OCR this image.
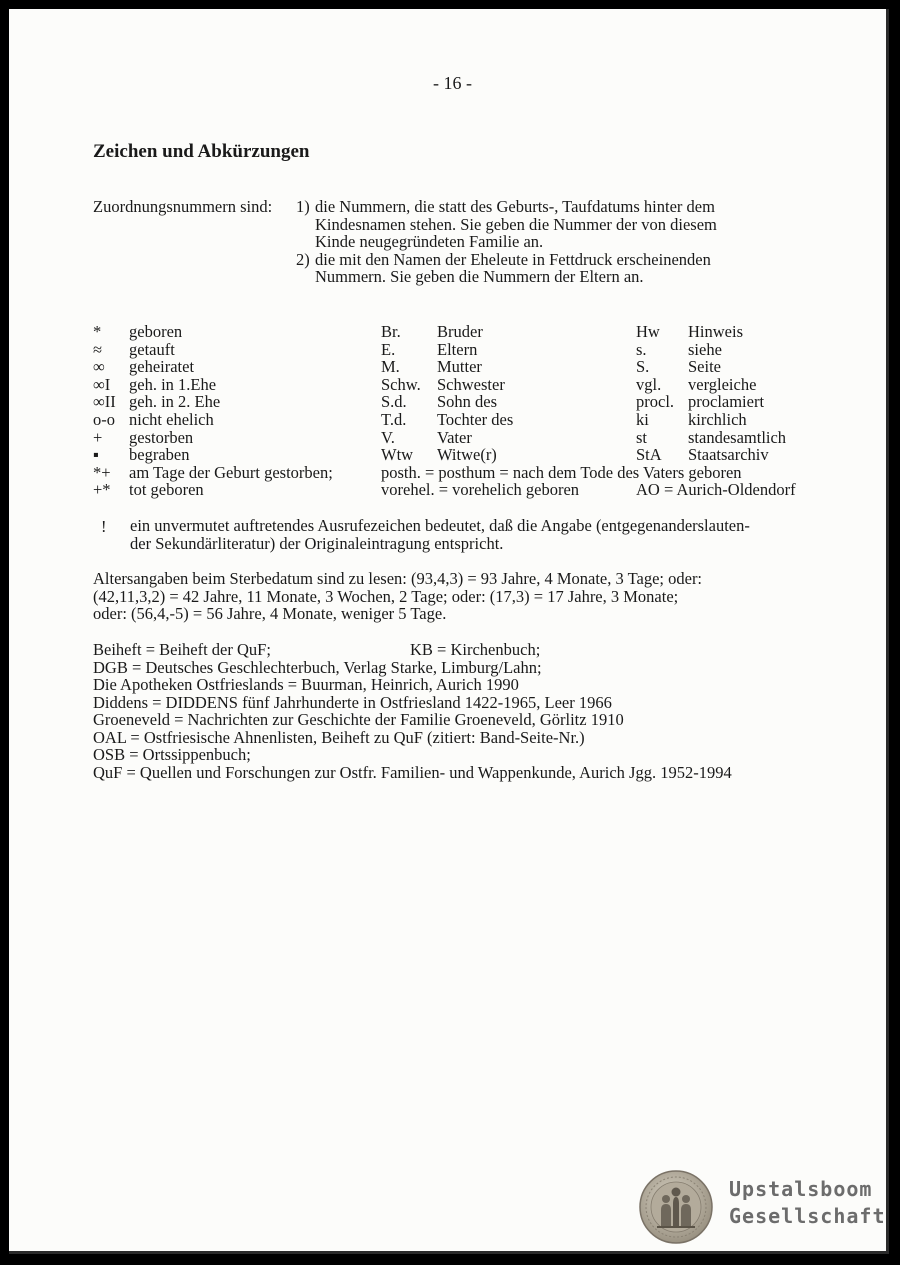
- 16 -
Zeichen und Abkürzungen
Zuordnungsnummern sind: 1) die Nummern, die statt des Geburts-, Taufdatums hinter dem
Kindesnamen stehen. Sie geben die Nummer der von diesem
Kinde neugegründeten Familie an.
2) die mit den Namen der Eheleute in Fettdruck erscheinenden
Nummern. Sie geben die Nummern der Eltern an.
* geboren	Br. Bruder	Hw Hinweis
≈ getauft	E.	Eltern	s.	siehe
∞ geheiratet	M. Mutter	S. Seite
∞I geh. in 1.Ehe	Schw. Schwester	vgl. vergleiche
∞II geh. in 2. Ehe	S.d. Sohn des	procl. proclamiert
o-o nicht ehelich	T.d. Tochter des	ki kirchlich
+ gestorben	V.	Vater	st standesamtlich
▪ begraben	Wtw Witwe(r)	StA Staatsarchiv
*+ am Tage der Geburt gestorben;	posth. = posthum = nach dem Tode des Vaters geboren
+* tot geboren	vorehel. = vorehelich geboren	AO = Aurich-Oldendorf
! ein unvermutet auftretendes Ausrufezeichen bedeutet, daß die Angabe (entgegenanderslauten-
der Sekundärliteratur) der Originaleintragung entspricht.
Altersangaben beim Sterbedatum sind zu lesen: (93,4,3) = 93 Jahre, 4 Monate, 3 Tage; oder:
(42,11,3,2) = 42 Jahre, 11 Monate, 3 Wochen, 2 Tage; oder: (17,3) = 17 Jahre, 3 Monate;
oder: (56,4,-5) = 56 Jahre, 4 Monate, weniger 5 Tage.
Beiheft = Beiheft der QuF;	KB = Kirchenbuch;
DGB = Deutsches Geschlechterbuch, Verlag Starke, Limburg/Lahn;
Die Apotheken Ostfrieslands = Buurman, Heinrich, Aurich 1990
Diddens = DIDDENS fünf Jahrhunderte in Ostfriesland 1422-1965, Leer 1966
Groeneveld = Nachrichten zur Geschichte der Familie Groeneveld, Görlitz 1910
OAL = Ostfriesische Ahnenlisten, Beiheft zu QuF (zitiert: Band-Seite-Nr.)
OSB = Ortssippenbuch;
QuF = Quellen und Forschungen zur Ostfr. Familien- und Wappenkunde, Aurich Jgg. 1952-1994
Upstalsboom
Gesellschaft
